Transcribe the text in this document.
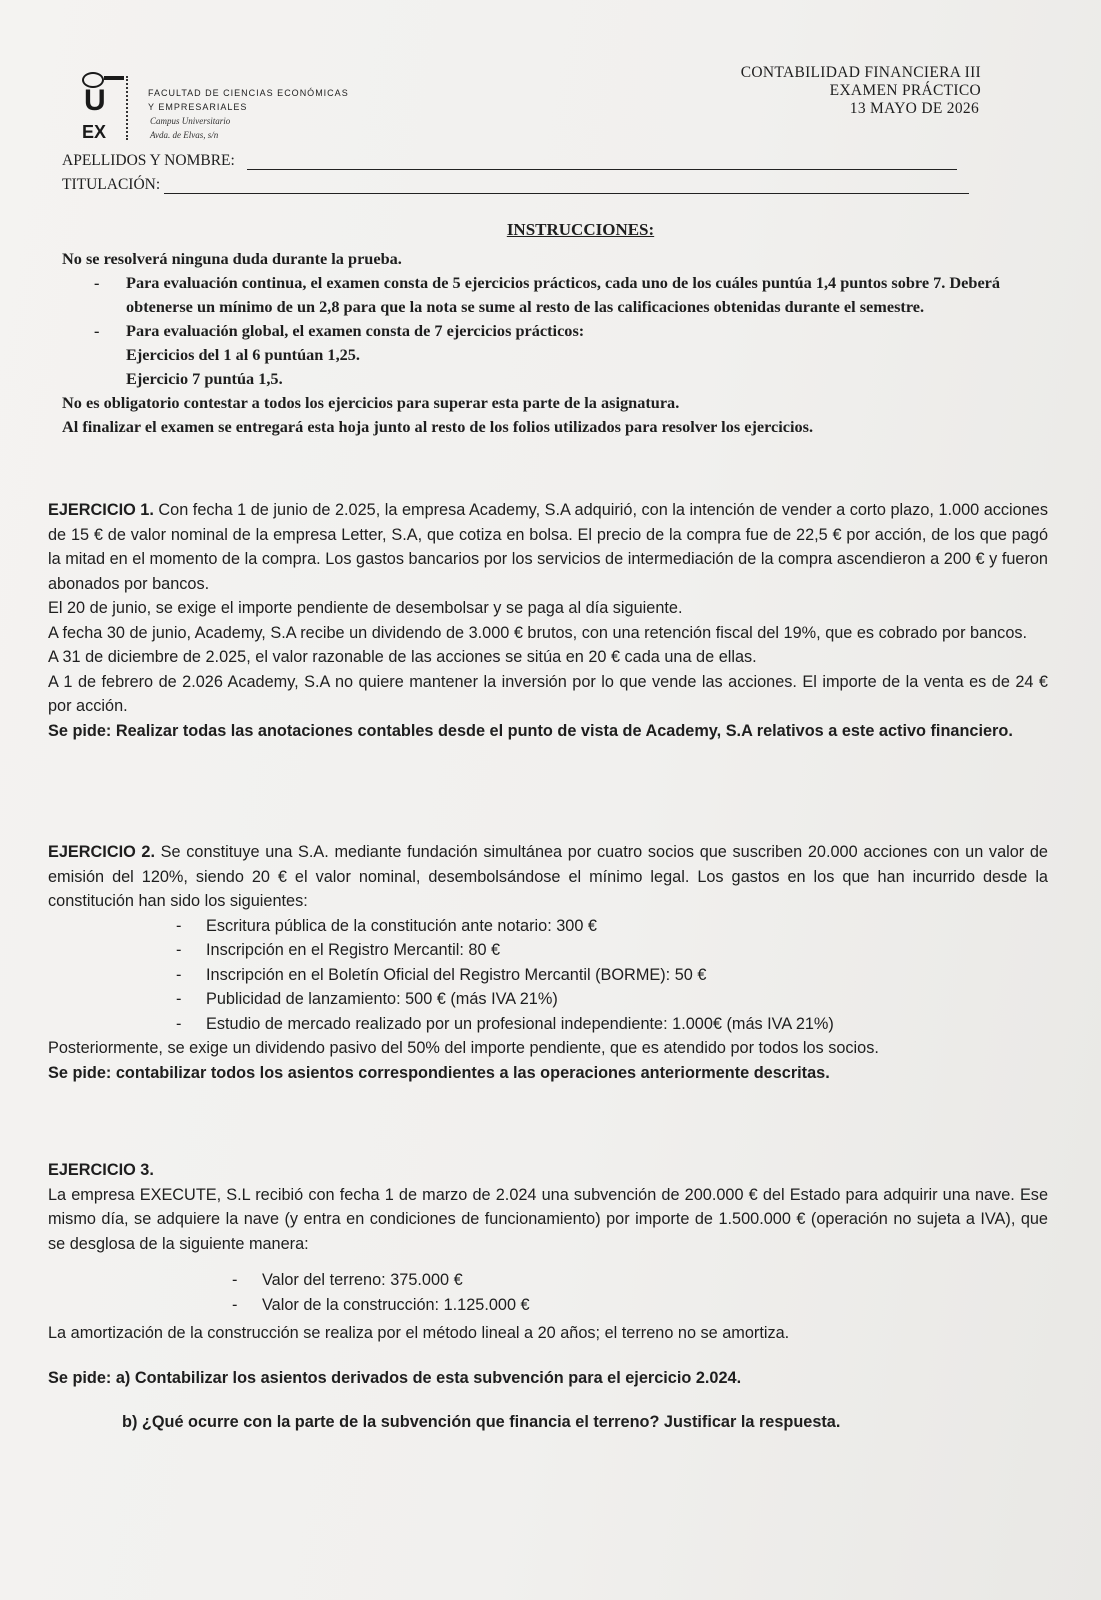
U
EX
FACULTAD DE CIENCIAS ECONÓMICAS
Y EMPRESARIALES
Campus Universitario
Avda. de Elvas, s/n
CONTABILIDAD FINANCIERA III
EXAMEN PRÁCTICO
13 MAYO DE 2026
APELLIDOS Y NOMBRE:
TITULACIÓN:
INSTRUCCIONES:

No se resolverá ninguna duda durante la prueba.

- Para evaluación continua, el examen consta de 5 ejercicios prácticos, cada uno de los cuáles puntúa 1,4 puntos sobre 7. Deberá obtenerse un mínimo de un 2,8 para que la nota se sume al resto de las calificaciones obtenidas durante el semestre.

- Para evaluación global, el examen consta de 7 ejercicios prácticos:

Ejercicios del 1 al 6 puntúan 1,25.

Ejercicio 7 puntúa 1,5.

No es obligatorio contestar a todos los ejercicios para superar esta parte de la asignatura.

Al finalizar el examen se entregará esta hoja junto al resto de los folios utilizados para resolver los ejercicios.

EJERCICIO 1. Con fecha 1 de junio de 2.025, la empresa Academy, S.A adquirió, con la intención de vender a corto plazo, 1.000 acciones de 15 € de valor nominal de la empresa Letter, S.A, que cotiza en bolsa. El precio de la compra fue de 22,5 € por acción, de los que pagó la mitad en el momento de la compra. Los gastos bancarios por los servicios de intermediación de la compra ascendieron a 200 € y fueron abonados por bancos.

El 20 de junio, se exige el importe pendiente de desembolsar y se paga al día siguiente.

A fecha 30 de junio, Academy, S.A recibe un dividendo de 3.000 € brutos, con una retención fiscal del 19%, que es cobrado por bancos.

A 31 de diciembre de 2.025, el valor razonable de las acciones se sitúa en 20 € cada una de ellas.

A 1 de febrero de 2.026 Academy, S.A no quiere mantener la inversión por lo que vende las acciones. El importe de la venta es de 24 € por acción.

Se pide: Realizar todas las anotaciones contables desde el punto de vista de Academy, S.A relativos a este activo financiero.

EJERCICIO 2. Se constituye una S.A. mediante fundación simultánea por cuatro socios que suscriben 20.000 acciones con un valor de emisión del 120%, siendo 20 € el valor nominal, desembolsándose el mínimo legal. Los gastos en los que han incurrido desde la constitución han sido los siguientes:

- Escritura pública de la constitución ante notario: 300 €

- Inscripción en el Registro Mercantil: 80 €

- Inscripción en el Boletín Oficial del Registro Mercantil (BORME): 50 €

- Publicidad de lanzamiento: 500 € (más IVA 21%)

- Estudio de mercado realizado por un profesional independiente: 1.000€ (más IVA 21%)

Posteriormente, se exige un dividendo pasivo del 50% del importe pendiente, que es atendido por todos los socios.

Se pide: contabilizar todos los asientos correspondientes a las operaciones anteriormente descritas.

EJERCICIO 3.

La empresa EXECUTE, S.L recibió con fecha 1 de marzo de 2.024 una subvención de 200.000 € del Estado para adquirir una nave. Ese mismo día, se adquiere la nave (y entra en condiciones de funcionamiento) por importe de 1.500.000 € (operación no sujeta a IVA), que se desglosa de la siguiente manera:

- Valor del terreno: 375.000 €

- Valor de la construcción: 1.125.000 €

La amortización de la construcción se realiza por el método lineal a 20 años; el terreno no se amortiza.

Se pide: a) Contabilizar los asientos derivados de esta subvención para el ejercicio 2.024.

b) ¿Qué ocurre con la parte de la subvención que financia el terreno? Justificar la respuesta.
